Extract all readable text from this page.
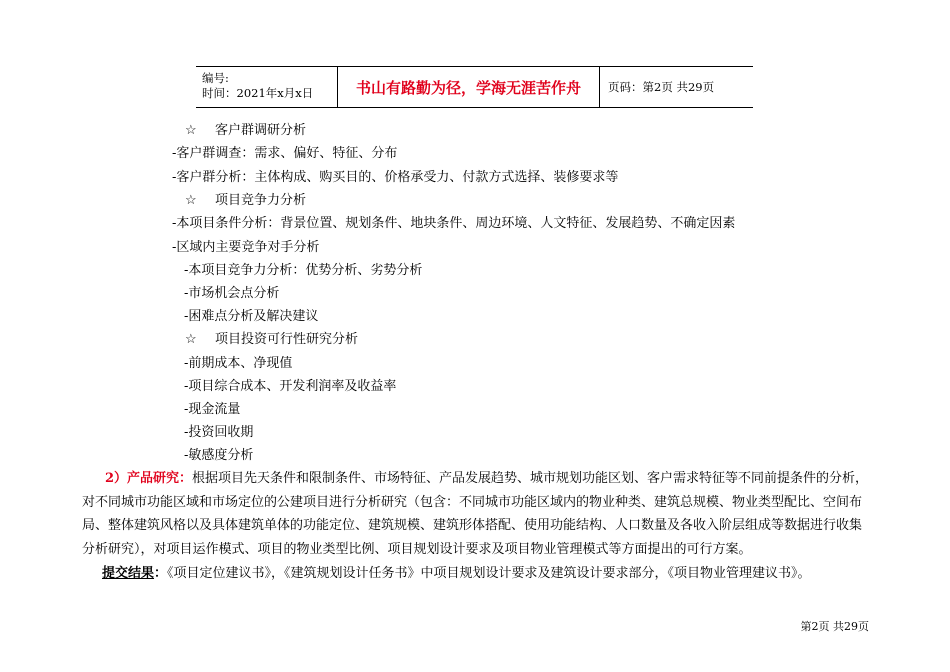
编号:
时间：2021年x月x日	书山有路勤为径，学海无涯苦作舟	页码：第2页 共29页
☆ 客户群调研分析
-客户群调查：需求、偏好、特征、分布
-客户群分析：主体构成、购买目的、价格承受力、付款方式选择、装修要求等
☆ 项目竞争力分析
-本项目条件分析：背景位置、规划条件、地块条件、周边环境、人文特征、发展趋势、不确定因素
-区域内主要竞争对手分析
-本项目竞争力分析：优势分析、劣势分析
-市场机会点分析
-困难点分析及解决建议
☆ 项目投资可行性研究分析
-前期成本、净现值
-项目综合成本、开发利润率及收益率
-现金流量
-投资回收期
-敏感度分析
2）产品研究：根据项目先天条件和限制条件、市场特征、产品发展趋势、城市规划功能区划、客户需求特征等不同前提条件的分析，对不同城市功能区域和市场定位的公建项目进行分析研究（包含：不同城市功能区域内的物业种类、建筑总规模、物业类型配比、空间布局、整体建筑风格以及具体建筑单体的功能定位、建筑规模、建筑形体搭配、使用功能结构、人口数量及各收入阶层组成等数据进行收集分析研究），对项目运作模式、项目的物业类型比例、项目规划设计要求及项目物业管理模式等方面提出的可行方案。
提交结果：《项目定位建议书》，《建筑规划设计任务书》中项目规划设计要求及建筑设计要求部分，《项目物业管理建议书》。
第2页 共29页
